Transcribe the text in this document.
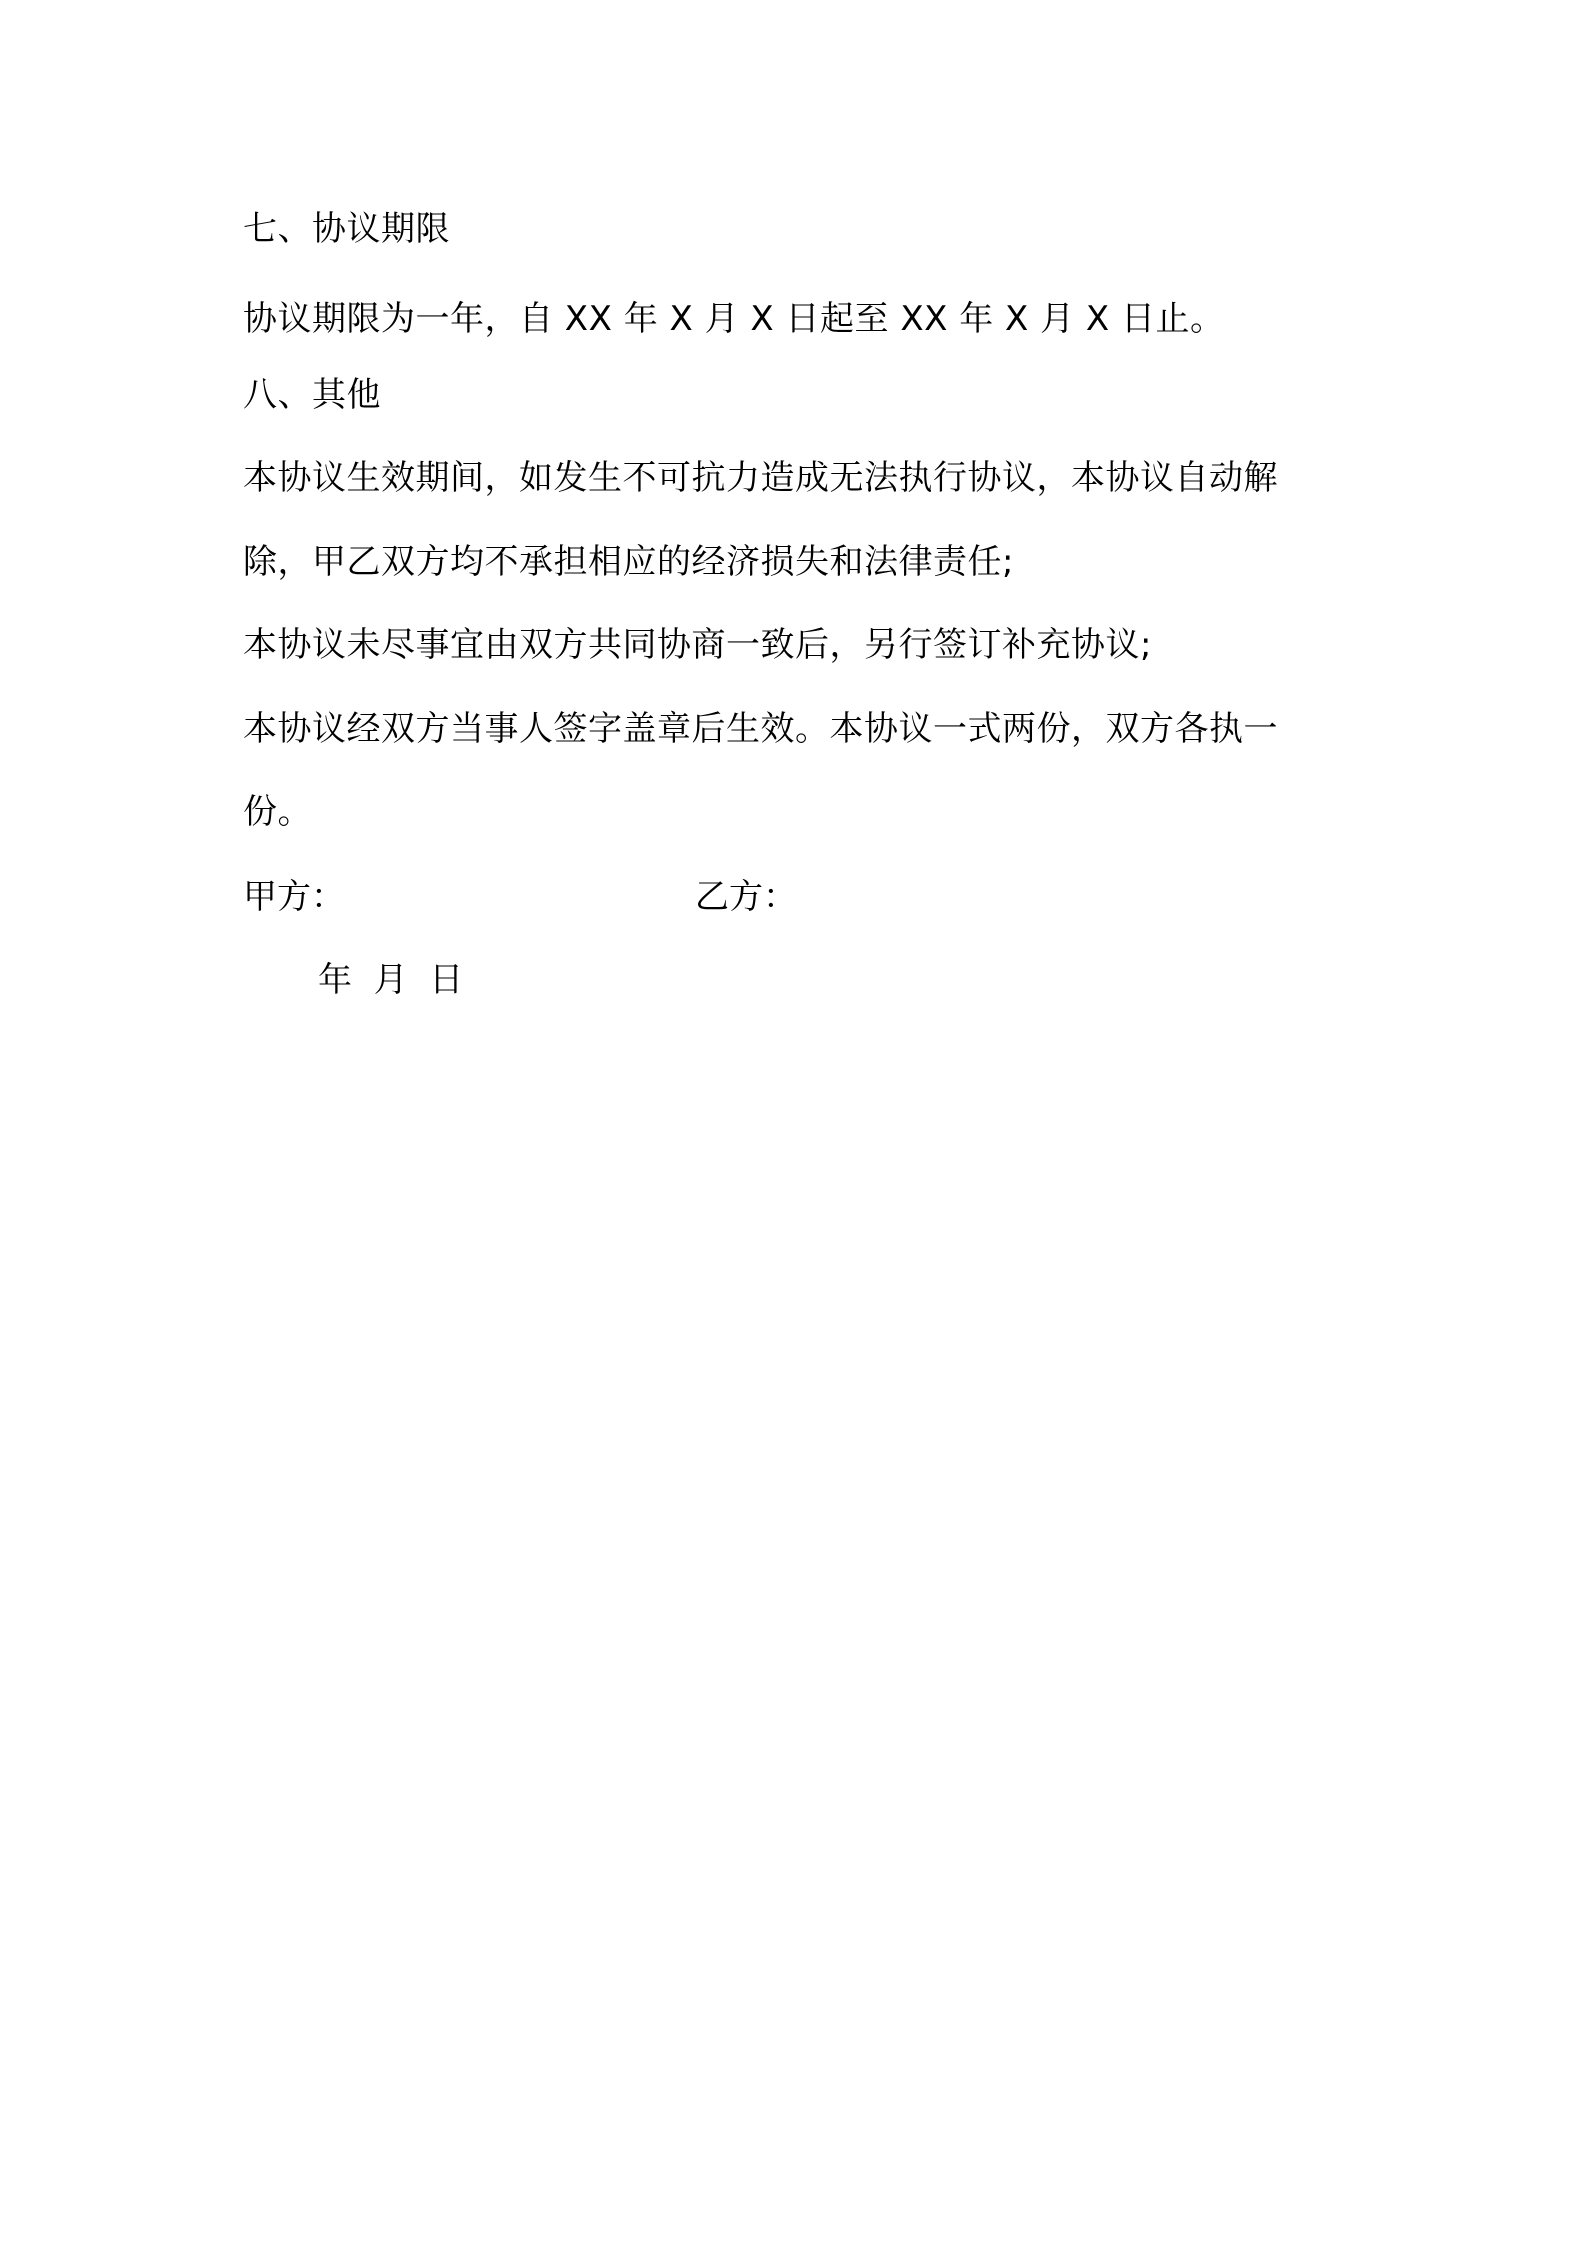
七、协议期限
协议期限为一年，自 XX 年 X 月 X 日起至 XX 年 X 月 X 日止。
八、其他
本协议生效期间，如发生不可抗力造成无法执行协议，本协议自动解
除，甲乙双方均不承担相应的经济损失和法律责任;
本协议未尽事宜由双方共同协商一致后，另行签订补充协议;
本协议经双方当事人签字盖章后生效。本协议一式两份，双方各执一
份。
甲方：	乙方：
年  月  日
